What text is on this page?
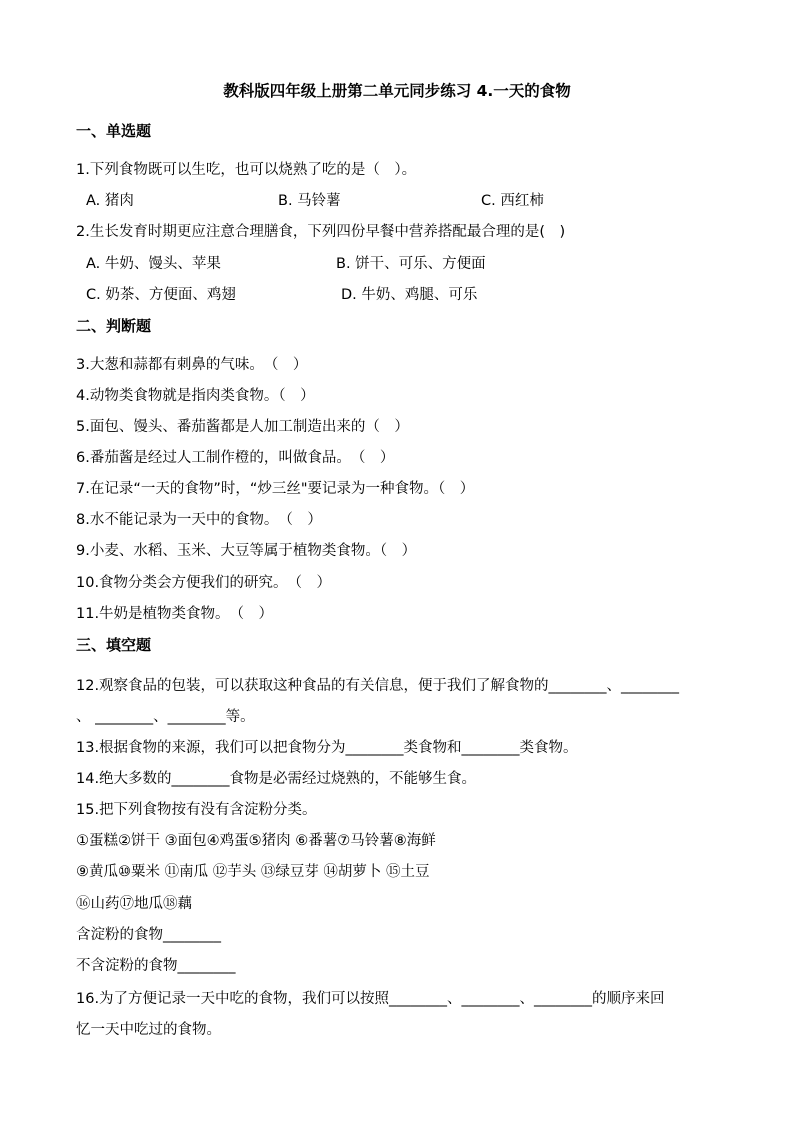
教科版四年级上册第二单元同步练习 4.一天的食物
一、单选题
1.下列食物既可以生吃，也可以烧熟了吃的是（　）。
A. 猪肉	B. 马铃薯	C. 西红柿
2.生长发育时期更应注意合理膳食，下列四份早餐中营养搭配最合理的是(　)
A. 牛奶、馒头、苹果	B. 饼干、可乐、方便面
C. 奶茶、方便面、鸡翅	D. 牛奶、鸡腿、可乐
二、判断题
3.大葱和蒜都有刺鼻的气味。　（　）
4.动物类食物就是指肉类食物。（　）
5.面包、馒头、番茄酱都是人加工制造出来的（　）
6.番茄酱是经过人工制作橙的，叫做食品。　（　）
7.在记录“一天的食物”时，“炒三丝"要记录为一种食物。（　）
8.水不能记录为一天中的食物。　（　）
9.小麦、水稻、玉米、大豆等属于植物类食物。（　）
10.食物分类会方便我们的研究。　（　）
11.牛奶是植物类食物。　（　）
三、填空题
12.观察食品的包装，可以获取这种食品的有关信息，便于我们了解食物的________、________
、 ________、________等。
13.根据食物的来源，我们可以把食物分为________类食物和________类食物。
14.绝大多数的________食物是必需经过烧熟的，不能够生食。
15.把下列食物按有没有含淀粉分类。
①蛋糕②饼干 ③面包④鸡蛋⑤猪肉 ⑥番薯⑦马铃薯⑧海鲜
⑨黄瓜⑩粟米 ⑪南瓜 ⑫芋头 ⑬绿豆芽 ⑭胡萝卜 ⑮土豆
⑯山药⑰地瓜⑱藕
含淀粉的食物________
不含淀粉的食物________
16.为了方便记录一天中吃的食物，我们可以按照________、________、________的顺序来回
忆一天中吃过的食物。
